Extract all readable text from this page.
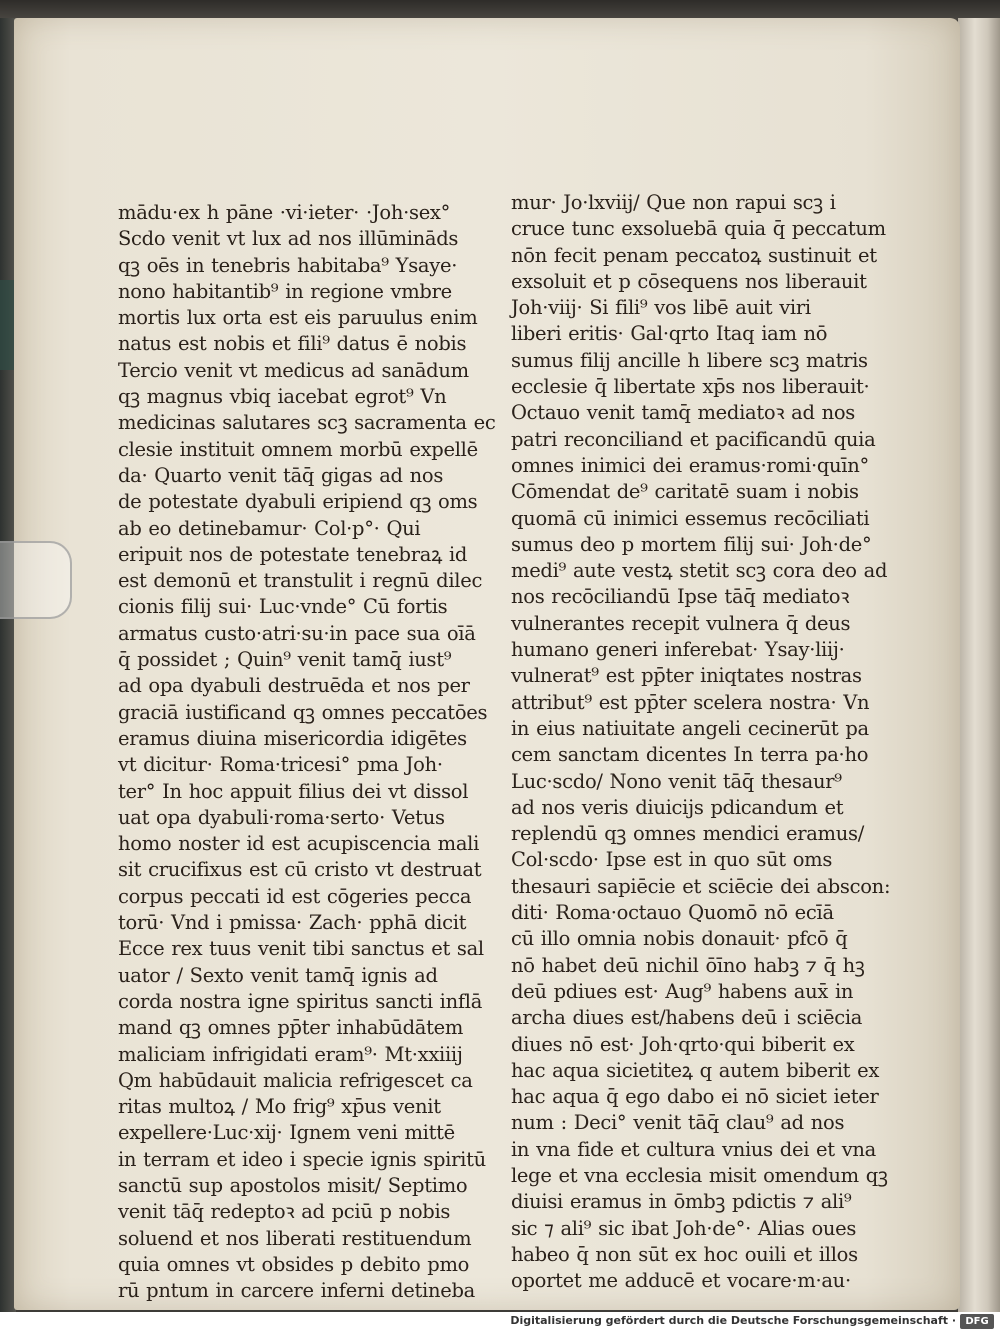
mādu·ex h pāne ·vi·ieter· ·Joh·sex°
Scdo venit vt lux ad nos illūmināds
qꝫ oēs in tenebris habitaba⁹ Ysaye·
nono habitantib⁹ in regione vmbre
mortis lux orta est eis paruulus enim
natus est nobis et fili⁹ datus ē nobis
Tercio venit vt medicus ad sanādum
qꝫ magnus vbiq iacebat egrot⁹ Vn
medicinas salutares scꝫ sacramenta ec
clesie instituit omnem morbū expellē
da· Quarto venit tāq̄ gigas ad nos
de potestate dyabuli eripiend qꝫ oms
ab eo detinebamur· Col·p°· Qui
eripuit nos de potestate tenebraꝝ id
est demonū et transtulit i regnū dilec
cionis filij sui· Luc·vnde° Cū fortis
armatus custo·atri·su·in pace sua oīā
q̄ possidet ; Quin⁹ venit tamq̄ iust⁹
ad opa dyabuli destruēda et nos per
graciā iustificand qꝫ omnes peccatōes
eramus diuina misericordia idigētes
vt dicitur· Roma·tricesi° pma Joh·
ter° In hoc appuit filius dei vt dissol
uat opa dyabuli·roma·serto· Vetus
homo noster id est acupiscencia mali
sit crucifixus est cū cristo vt destruat
corpus peccati id est cōgeries pecca
torū· Vnd i pmissa· Zach· pphā dicit
Ecce rex tuus venit tibi sanctus et sal
uator / Sexto venit tamq̄ ignis ad
corda nostra igne spiritus sancti inflā
mand qꝫ omnes pp̄ter inhabūdātem
maliciam infrigidati eram⁹· Mt·xxiiij
Qm habūdauit malicia refrigescet ca
ritas multoꝝ / Mo frig⁹ xp̄us venit
expellere·Luc·xij· Ignem veni mittē
in terram et ideo i specie ignis spiritū
sanctū sup apostolos misit/ Septimo
venit tāq̄ redeptoꝛ ad pciū p nobis
soluend et nos liberati restituendum
quia omnes vt obsides p debito pmo
rū pntum in carcere inferni detineba
mur· Jo·lxviij/ Que non rapui scꝫ i
cruce tunc exsoluebā quia q̄ peccatum
nōn fecit penam peccatoꝝ sustinuit et
exsoluit et p cōsequens nos liberauit
Joh·viij· Si fili⁹ vos libē auit viri
liberi eritis· Gal·qrto Itaq iam nō
sumus filij ancille h libere scꝫ matris
ecclesie q̄ libertate xp̄s nos liberauit·
Octauo venit tamq̄ mediatoꝛ ad nos
patri reconciliand et pacificandū quia
omnes inimici dei eramus·romi·quīn°
Cōmendat de⁹ caritatē suam i nobis
quomā cū inimici essemus recōciliati
sumus deo p mortem filij sui· Joh·de°
medi⁹ aute vestꝝ stetit scꝫ cora deo ad
nos recōciliandū Ipse tāq̄ mediatoꝛ
vulnerantes recepit vulnera q̄ deus
humano generi inferebat· Ysay·liij·
vulnerat⁹ est pp̄ter iniqtates nostras
attribut⁹ est pp̄ter scelera nostra· Vn
in eius natiuitate angeli cecinerūt pa
cem sanctam dicentes In terra pa·ho
Luc·scdo/ Nono venit tāq̄ thesaur⁹
ad nos veris diuicijs pdicandum et
replendū qꝫ omnes mendici eramus/
Col·scdo· Ipse est in quo sūt oms
thesauri sapiēcie et sciēcie dei abscon:
diti· Roma·octauo Quomō nō ecīā
cū illo omnia nobis donauit· pfcō q̄
nō habet deū nichil ōīno habꝫ ⁊ q̄ hꝫ
deū pdiues est· Aug⁹ habens aux̄ in
archa diues est/habens deū i sciēcia
diues nō est· Joh·qrto·qui biberit ex
hac aqua sicietiteꝝ q autem biberit ex
hac aqua q̄ ego dabo ei nō siciet ieter
num : Deci° venit tāq̄ clau⁹ ad nos
in vna fide et cultura vnius dei et vna
lege et vna ecclesia misit omendum qꝫ
diuisi eramus in ōmbꝫ pdictis ⁊ ali⁹
sic ⁊ ali⁹ sic ibat Joh·de°· Alias oues
habeo q̄ non sūt ex hoc ouili et illos
oportet me adducē et vocare·m·au·
Digitalisierung gefördert durch die Deutsche Forschungsgemeinschaft · DFG
